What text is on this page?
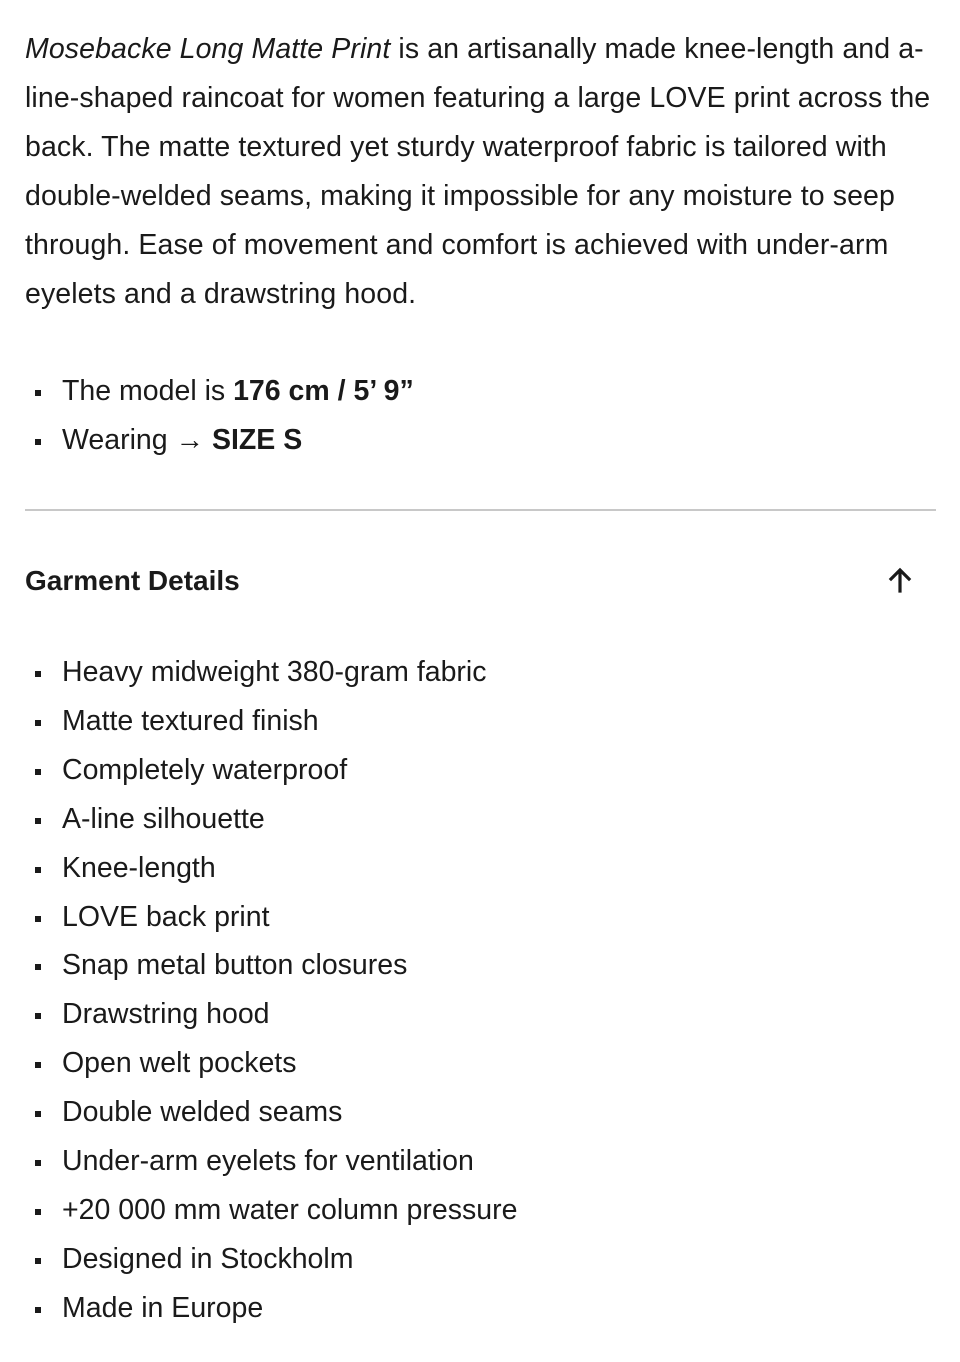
Mosebacke Long Matte Print is an artisanally made knee-length and a-line-shaped raincoat for women featuring a large LOVE print across the back. The matte textured yet sturdy waterproof fabric is tailored with double-welded seams, making it impossible for any moisture to seep through. Ease of movement and comfort is achieved with under-arm eyelets and a drawstring hood.

The model is 176 cm / 5’ 9”
Wearing → SIZE S
Garment Details
Heavy midweight 380-gram fabric
Matte textured finish
Completely waterproof
A-line silhouette
Knee-length
LOVE back print
Snap metal button closures
Drawstring hood
Open welt pockets
Double welded seams
Under-arm eyelets for ventilation
+20 000 mm water column pressure
Designed in Stockholm
Made in Europe
